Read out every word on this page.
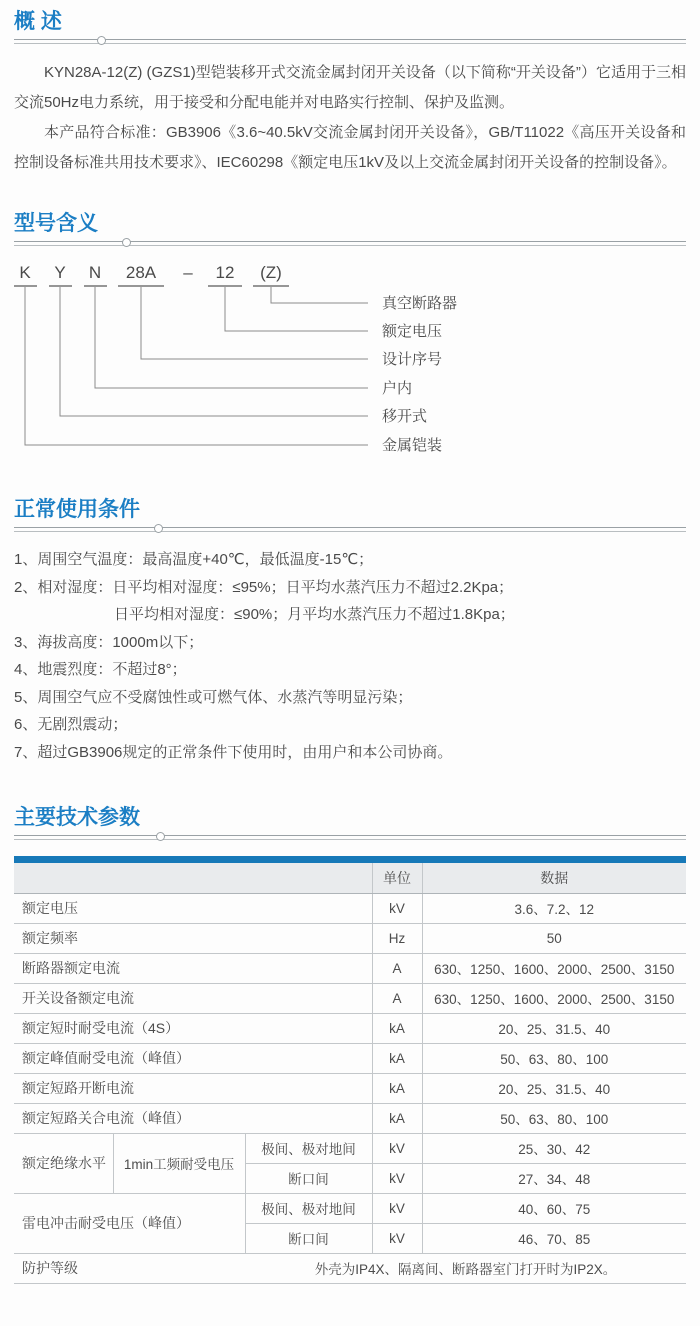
概 述

KYN28A-12(Z) (GZS1)型铠装移开式交流金属封闭开关设备（以下简称“开关设备”）它适用于三相交流50Hz电力系统，用于接受和分配电能并对电路实行控制、保护及监测。

本产品符合标准：GB3906《3.6~40.5kV交流金属封闭开关设备》，GB/T11022《高压开关设备和控制设备标准共用技术要求》、IEC60298《额定电压1kV及以上交流金属封闭开关设备的控制设备》。

型号含义
K
金属铠装
Y
移开式
N
户内
28A
设计序号
– 12
额定电压
(Z)
真空断路器
正常使用条件
1、周围空气温度：最高温度+40℃，最低温度-15℃；
2、相对湿度：日平均相对湿度：≤95%；日平均水蒸汽压力不超过2.2Kpa；
日平均相对湿度：≤90%；月平均水蒸汽压力不超过1.8Kpa；
3、海拔高度：1000m以下；
4、地震烈度：不超过8°；
5、周围空气应不受腐蚀性或可燃气体、水蒸汽等明显污染；
6、无剧烈震动；
7、超过GB3906规定的正常条件下使用时，由用户和本公司协商。
主要技术参数
			单位	数据
额定电压			kV	3.6、7.2、12
额定频率			Hz	50
断路器额定电流			A	630、1250、1600、2000、2500、3150
开关设备额定电流			A	630、1250、1600、2000、2500、3150
额定短时耐受电流（4S）			kA	20、25、31.5、40
额定峰值耐受电流（峰值）			kA	50、63、80、100
额定短路开断电流			kA	20、25、31.5、40
额定短路关合电流（峰值）			kA	50、63、80、100
额定绝缘水平	1min工频耐受电压	极间、极对地间	kV	25、30、42
		断口间	kV	27、34、48
雷电冲击耐受电压（峰值）		极间、极对地间	kV	40、60、75
		断口间	kV	46、70、85
防护等级		外壳为IP4X、隔离间、断路器室门打开时为IP2X。		
